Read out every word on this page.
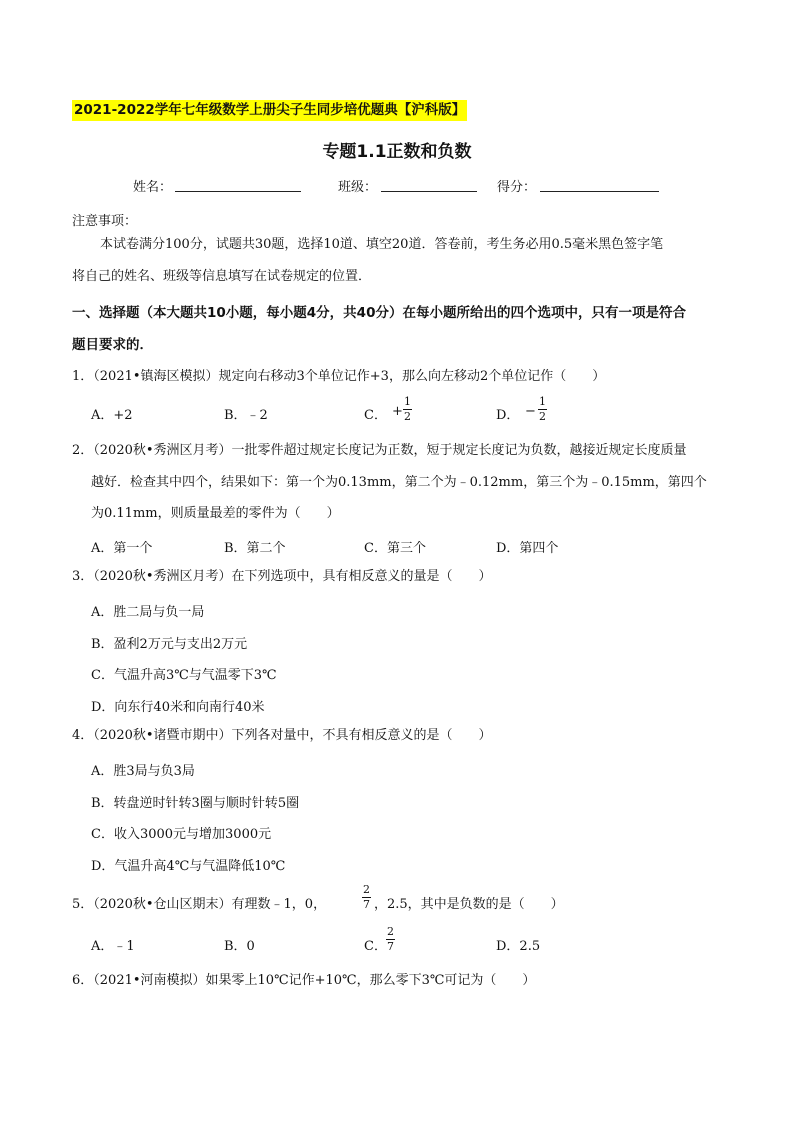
2021-2022学年七年级数学上册尖子生同步培优题典【沪科版】
专题1.1正数和负数
姓名：	班级：	得分：
注意事项：
本试卷满分100分，试题共30题，选择10道、填空20道．答卷前，考生务必用0.5毫米黑色签字笔
将自己的姓名、班级等信息填写在试卷规定的位置．
一、选择题（本大题共10小题，每小题4分，共40分）在每小题所给出的四个选项中，只有一项是符合
题目要求的．
1．（2021•镇海区模拟）规定向右移动3个单位记作+3，那么向左移动2个单位记作（　　）
A．+2	B．﹣2	C． +
1
2	D． −
1
2
2．（2020秋•秀洲区月考）一批零件超过规定长度记为正数，短于规定长度记为负数，越接近规定长度质量
越好．检查其中四个，结果如下：第一个为0.13mm，第二个为﹣0.12mm，第三个为﹣0.15mm，第四个
为0.11mm，则质量最差的零件为（　　）
A．第一个	B．第二个	C．第三个	D．第四个
3．（2020秋•秀洲区月考）在下列选项中，具有相反意义的量是（　　）
A．胜二局与负一局
B．盈利2万元与支出2万元
C．气温升高3℃与气温零下3℃
D．向东行40米和向南行40米
4．（2020秋•诸暨市期中）下列各对量中，不具有相反意义的是（　　）
A．胜3局与负3局
B．转盘逆时针转3圈与顺时针转5圈
C．收入3000元与增加3000元
D．气温升高4℃与气温降低10℃
5．（2020秋•仓山区期末）有理数﹣1，0，
2
7 ，2.5，其中是负数的是（　　）
A．﹣1	B．0	C．
2
7	D．2.5
6．（2021•河南模拟）如果零上10℃记作+10℃，那么零下3℃可记为（　　）
